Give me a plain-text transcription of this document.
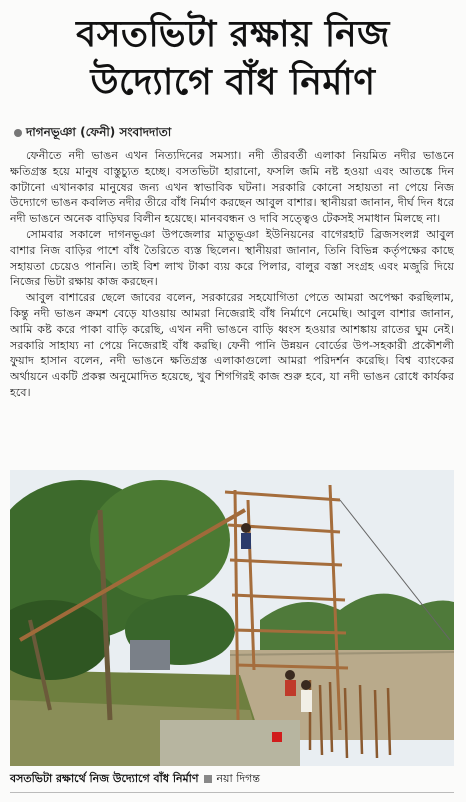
বসতভিটা রক্ষায় নিজ
উদ্যোগে বাঁধ নির্মাণ
দাগনভূঞা (ফেনী) সংবাদদাতা

ফেনীতে নদী ভাঙন এখন নিত্যদিনের সমস্যা। নদী তীরবর্তী এলাকা নিয়মিত নদীর ভাঙনে ক্ষতিগ্রস্ত হয়ে মানুষ বাস্তুচ্যুত হচ্ছে। বসতভিটা হারানো, ফসলি জমি নষ্ট হওয়া এবং আতঙ্কে দিন কাটানো এখানকার মানুষের জন্য এখন স্বাভাবিক ঘটনা। সরকারি কোনো সহায়তা না পেয়ে নিজ উদ্যোগে ভাঙন কবলিত নদীর তীরে বাঁধ নির্মাণ করছেন আবুল বাশার। স্থানীয়রা জানান, দীর্ঘ দিন ধরে নদী ভাঙনে অনেক বাড়িঘর বিলীন হয়েছে। মানববন্ধন ও দাবি সত্ত্বেও টেকসই সমাধান মিলছে না।

সোমবার সকালে দাগনভূঞা উপজেলার মাতুভূঞা ইউনিয়নের বাগেরহাট ব্রিজসংলগ্ন আবুল বাশার নিজ বাড়ির পাশে বাঁধ তৈরিতে ব্যস্ত ছিলেন। স্থানীয়রা জানান, তিনি বিভিন্ন কর্তৃপক্ষের কাছে সহায়তা চেয়েও পাননি। তাই বিশ লাখ টাকা ব্যয় করে পিলার, বালুর বস্তা সংগ্রহ এবং মজুরি দিয়ে নিজের ভিটা রক্ষায় কাজ করছেন।

আবুল বাশারের ছেলে জাবের বলেন, সরকারের সহযোগিতা পেতে আমরা অপেক্ষা করছিলাম, কিন্তু নদী ভাঙন ক্রমশ বেড়ে যাওয়ায় আমরা নিজেরাই বাঁধ নির্মাণে নেমেছি। আবুল বাশার জানান, আমি কষ্ট করে পাকা বাড়ি করেছি, এখন নদী ভাঙনে বাড়ি ধ্বংস হওয়ার আশঙ্কায় রাতের ঘুম নেই। সরকারি সাহায্য না পেয়ে নিজেরাই বাঁধ করছি। ফেনী পানি উন্নয়ন বোর্ডের উপ-সহকারী প্রকৌশলী ফুয়াদ হাসান বলেন, নদী ভাঙনে ক্ষতিগ্রস্ত এলাকাগুলো আমরা পরিদর্শন করেছি। বিশ্ব ব্যাংকের অর্থায়নে একটি প্রকল্প অনুমোদিত হয়েছে, খুব শিগগিরই কাজ শুরু হবে, যা নদী ভাঙন রোধে কার্যকর হবে।

বসতভিটা রক্ষার্থে নিজ উদ্যোগে বাঁধ নির্মাণ নয়া দিগন্ত
